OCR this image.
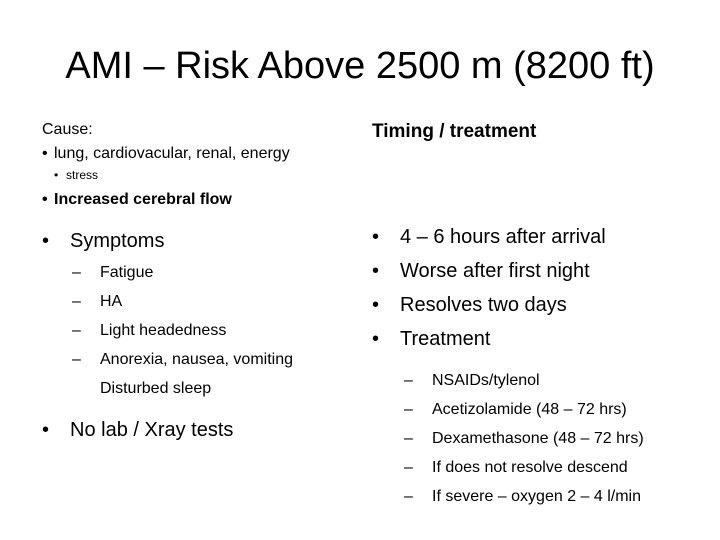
AMI – Risk Above 2500 m (8200 ft)
Cause:
• lung, cardiovacular, renal, energy
• stress
• Increased cerebral flow
•	Symptoms
–	Fatigue
–	HA
–	Light headedness
–	Anorexia, nausea, vomiting
Disturbed sleep
•	No lab / Xray tests
Timing / treatment
•	4 – 6 hours after arrival
•	Worse after first night
•	Resolves two days
•	Treatment
–	NSAIDs/tylenol
–	Acetizolamide (48 – 72 hrs)
–	Dexamethasone (48 – 72 hrs)
–	If does not resolve descend
–	If severe – oxygen 2 – 4 l/min
